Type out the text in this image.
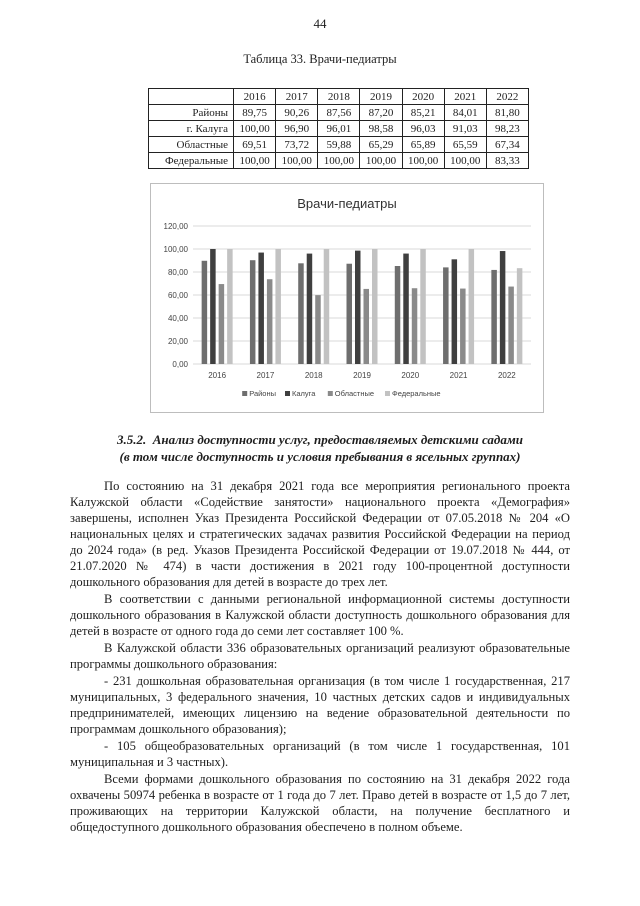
44
Таблица 33. Врачи-педиатры
	2016	2017	2018	2019	2020	2021	2022
Районы	89,75	90,26	87,56	87,20	85,21	84,01	81,80
г. Калуга	100,00	96,90	96,01	98,58	96,03	91,03	98,23
Областные	69,51	73,72	59,88	65,29	65,89	65,59	67,34
Федеральные	100,00	100,00	100,00	100,00	100,00	100,00	83,33
Врачи-педиатры
0,00
20,00
40,00
60,00
80,00
100,00
120,00
2016	2017	2018	2019	2020	2021	2022
Районы Калуга	Областные Федеральные
3.5.2. Анализ доступности услуг, предоставляемых детскими садами
(в том числе доступность и условия пребывания в ясельных группах)

По состоянию на 31 декабря 2021 года все мероприятия регионального проекта Калужской области «Содействие занятости» национального проекта «Демография» завершены, исполнен Указ Президента Российской Федерации от 07.05.2018 № 204 «О национальных целях и стратегических задачах развития Российской Федерации на период до 2024 года» (в ред. Указов Президента Российской Федерации от 19.07.2018 № 444, от 21.07.2020 № 474) в части достижения в 2021 году 100-процентной доступности дошкольного образования для детей в возрасте до трех лет.

В соответствии с данными региональной информационной системы доступности дошкольного образования в Калужской области доступность дошкольного образования для детей в возрасте от одного года до семи лет составляет 100 %.

В Калужской области 336 образовательных организаций реализуют образовательные программы дошкольного образования:

- 231 дошкольная образовательная организация (в том числе 1 государственная, 217 муниципальных, 3 федерального значения, 10 частных детских садов и индивидуальных предпринимателей, имеющих лицензию на ведение образовательной деятельности по программам дошкольного образования);

- 105 общеобразовательных организаций (в том числе 1 государственная, 101 муниципальная и 3 частных).

Всеми формами дошкольного образования по состоянию на 31 декабря 2022 года охвачены 50974 ребенка в возрасте от 1 года до 7 лет. Право детей в возрасте от 1,5 до 7 лет, проживающих на территории Калужской области, на получение бесплатного и общедоступного дошкольного образования обеспечено в полном объеме.
